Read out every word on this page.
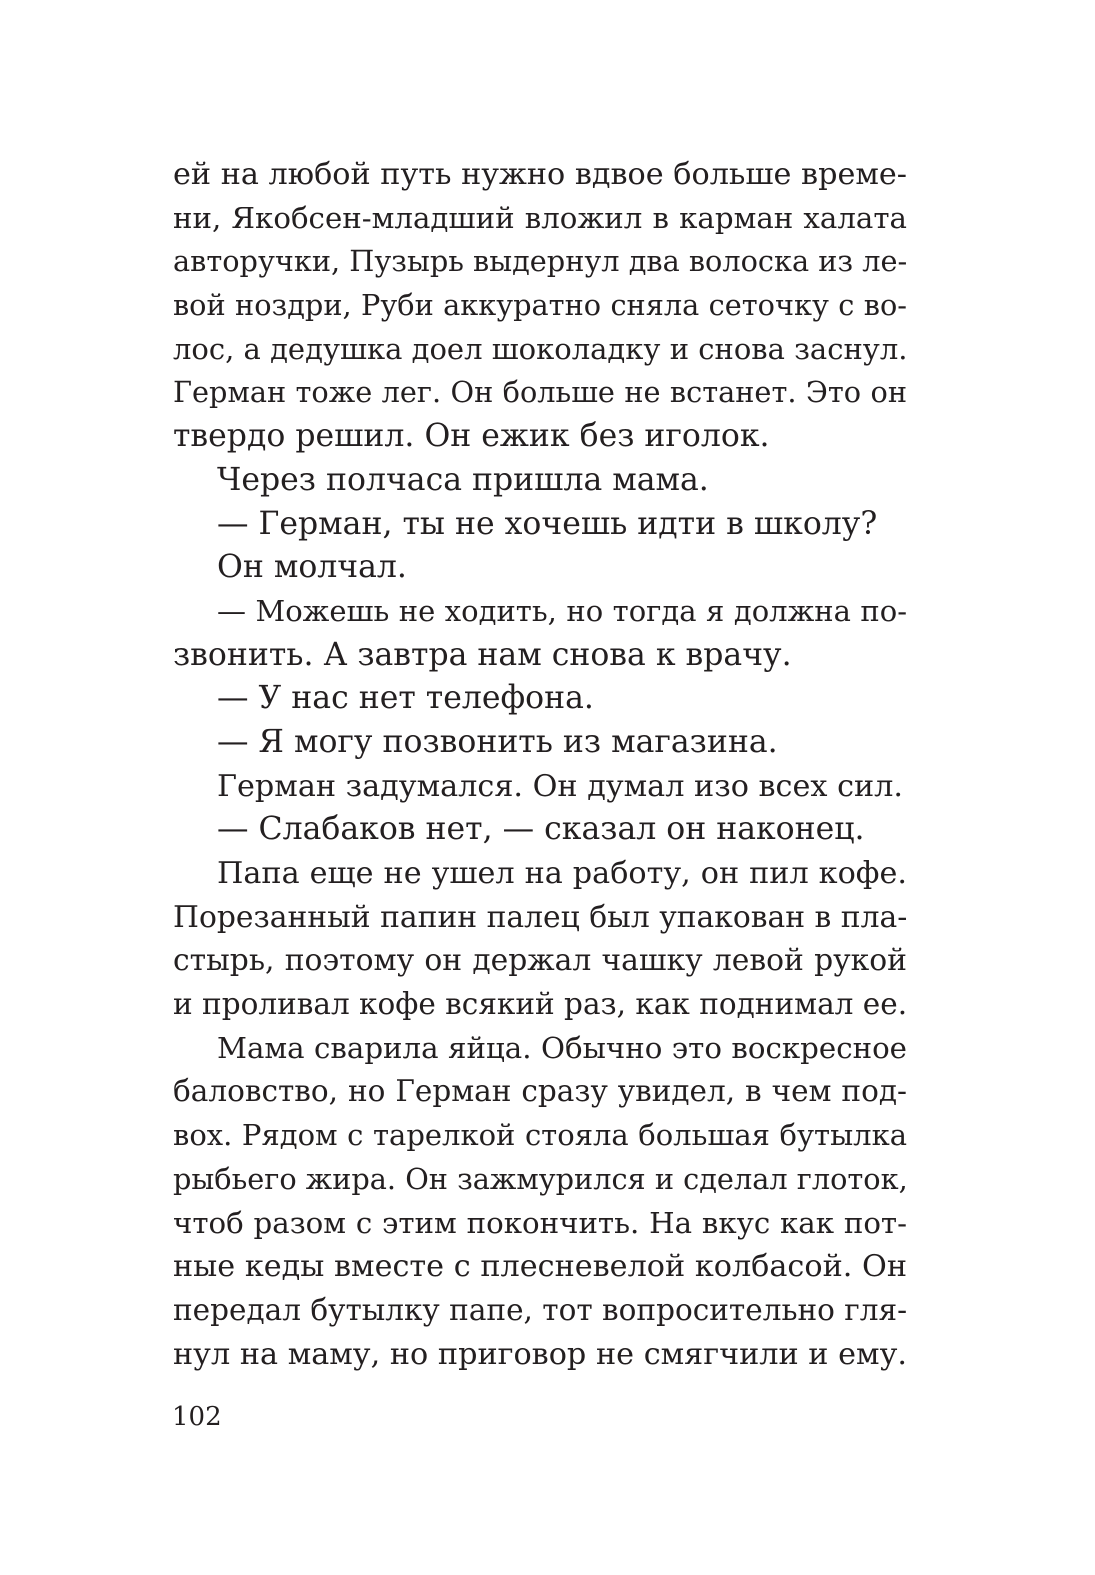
ей на любой путь нужно вдвое больше време-
ни, Якобсен-младший вложил в карман халата
авторучки, Пузырь выдернул два волоска из ле-
вой ноздри, Руби аккуратно сняла сеточку с во-
лос, а дедушка доел шоколадку и снова заснул.
Герман тоже лег. Он больше не встанет. Это он
твердо решил. Он ежик без иголок.
Через полчаса пришла мама.
— Герман, ты не хочешь идти в школу?
Он молчал.
— Можешь не ходить, но тогда я должна по-
звонить. А завтра нам снова к врачу.
— У нас нет телефона.
— Я могу позвонить из магазина.
Герман задумался. Он думал изо всех сил.
— Слабаков нет, — сказал он наконец.
Папа еще не ушел на работу, он пил кофе.
Порезанный папин палец был упакован в пла-
стырь, поэтому он держал чашку левой рукой
и проливал кофе всякий раз, как поднимал ее.
Мама сварила яйца. Обычно это воскресное
баловство, но Герман сразу увидел, в чем под-
вох. Рядом с тарелкой стояла большая бутылка
рыбьего жира. Он зажмурился и сделал глоток,
чтоб разом с этим покончить. На вкус как пот-
ные кеды вместе с плесневелой колбасой. Он
передал бутылку папе, тот вопросительно гля-
нул на маму, но приговор не смягчили и ему.
102
